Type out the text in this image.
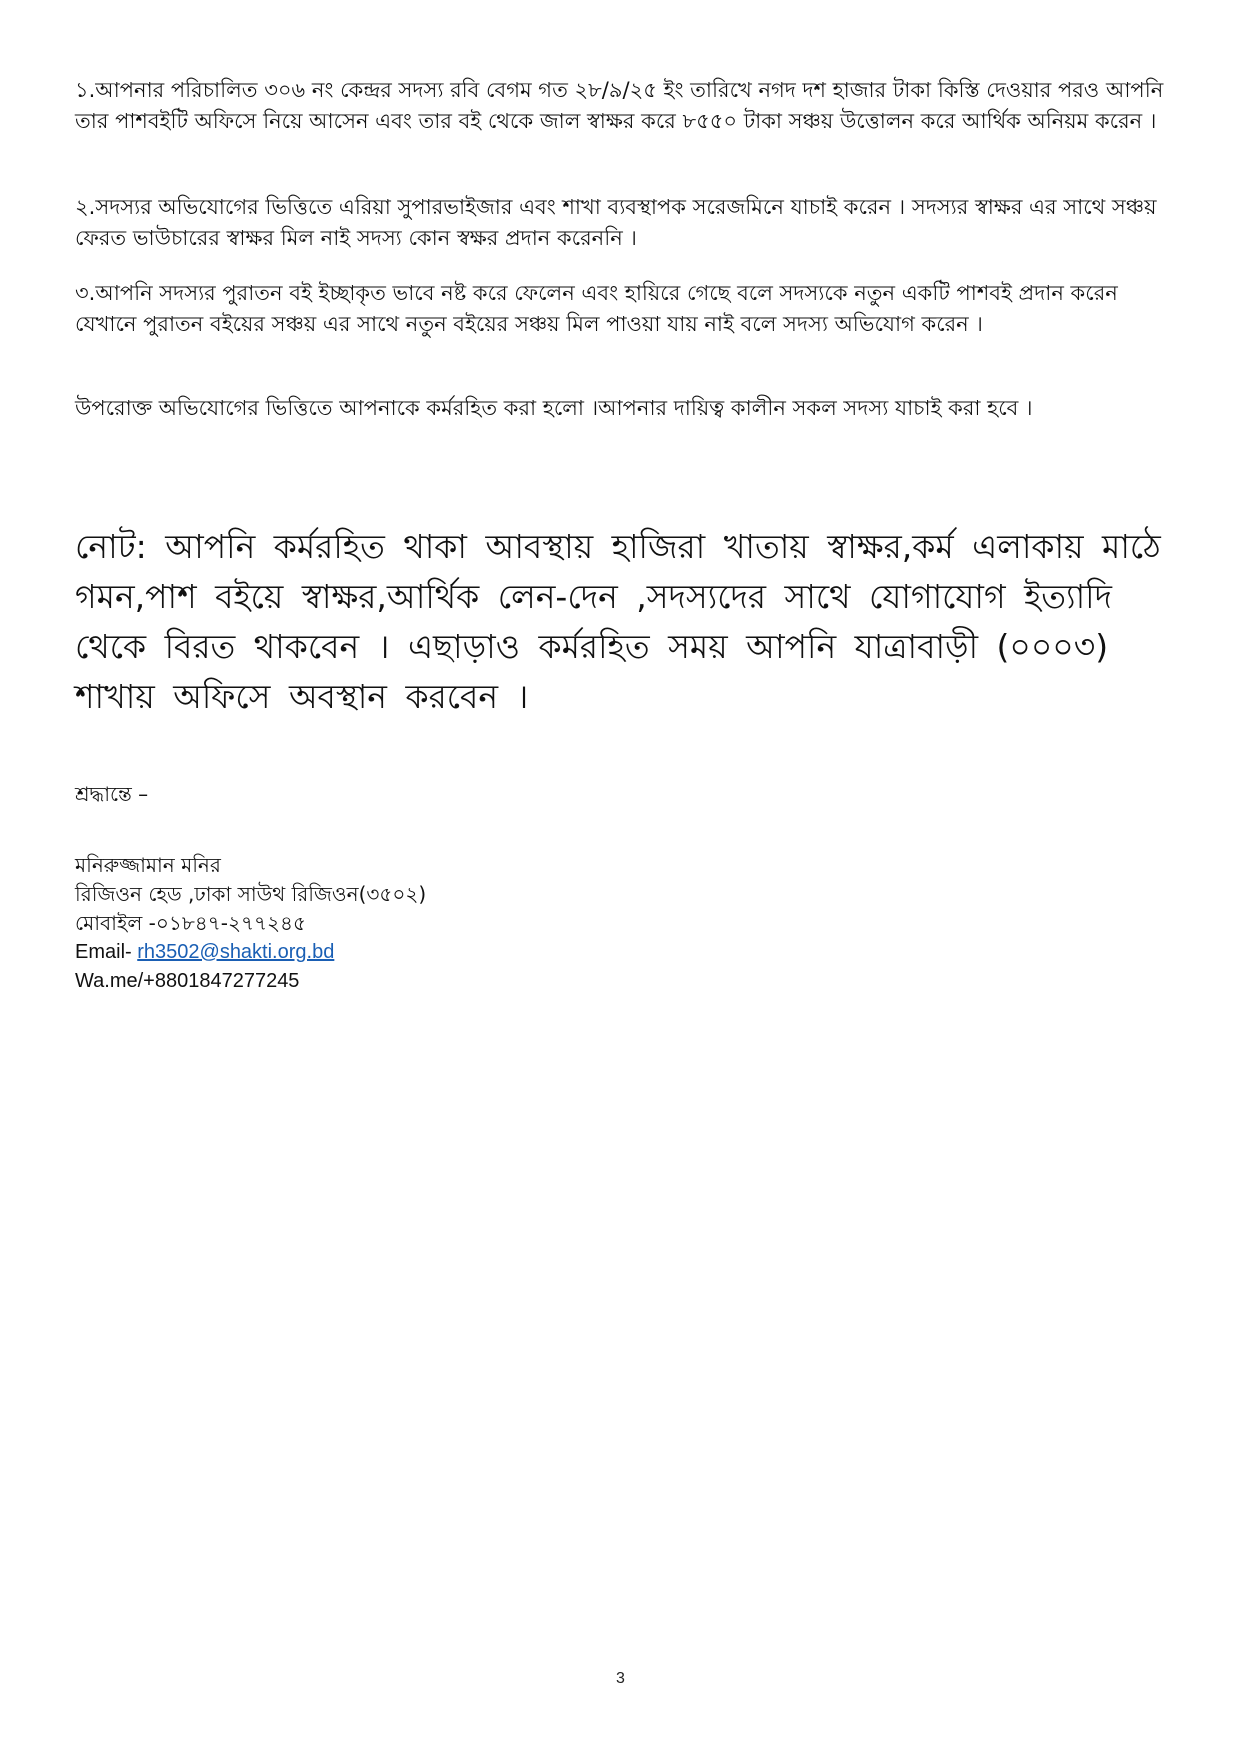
১.আপনার পরিচালিত ৩০৬ নং কেন্দ্রর সদস্য রবি বেগম গত ২৮/৯/২৫ ইং তারিখে নগদ দশ হাজার টাকা কিস্তি দেওয়ার পরও আপনি তার পাশবইটি অফিসে নিয়ে আসেন এবং তার বই থেকে জাল স্বাক্ষর করে ৮৫৫০ টাকা সঞ্চয় উত্তোলন করে আর্থিক অনিয়ম করেন ।

২.সদস্যর অভিযোগের ভিত্তিতে এরিয়া সুপারভাইজার এবং শাখা ব্যবস্থাপক সরেজমিনে যাচাই করেন । সদস্যর স্বাক্ষর এর সাথে সঞ্চয় ফেরত ভাউচারের স্বাক্ষর মিল নাই সদস্য কোন স্বক্ষর প্রদান করেননি ।

৩.আপনি সদস্যর পুরাতন বই ইচ্ছাকৃত ভাবে নষ্ট করে ফেলেন এবং হায়িরে গেছে বলে সদস্যকে নতুন একটি পাশবই প্রদান করেন যেখানে পুরাতন বইয়ের সঞ্চয় এর সাথে নতুন বইয়ের সঞ্চয় মিল পাওয়া যায় নাই বলে সদস্য অভিযোগ করেন ।

উপরোক্ত অভিযোগের ভিত্তিতে আপনাকে কর্মরহিত করা হলো ।আপনার দায়িত্ব কালীন সকল সদস্য যাচাই করা হবে ।

নোট: আপনি কর্মরহিত থাকা আবস্থায় হাজিরা খাতায় স্বাক্ষর,কর্ম এলাকায় মাঠে গমন,পাশ বইয়ে স্বাক্ষর,আর্থিক লেন-দেন ,সদস্যদের সাথে যোগাযোগ ইত্যাদি থেকে বিরত থাকবেন । এছাড়াও কর্মরহিত সময় আপনি যাত্রাবাড়ী (০০০৩) শাখায় অফিসে অবস্থান করবেন ।

শ্রদ্ধান্তে –

মনিরুজ্জামান মনির

রিজিওন হেড ,ঢাকা সাউথ রিজিওন(৩৫০২)

মোবাইল -০১৮৪৭-২৭৭২৪৫

Email- rh3502@shakti.org.bd

Wa.me/+8801847277245

3
